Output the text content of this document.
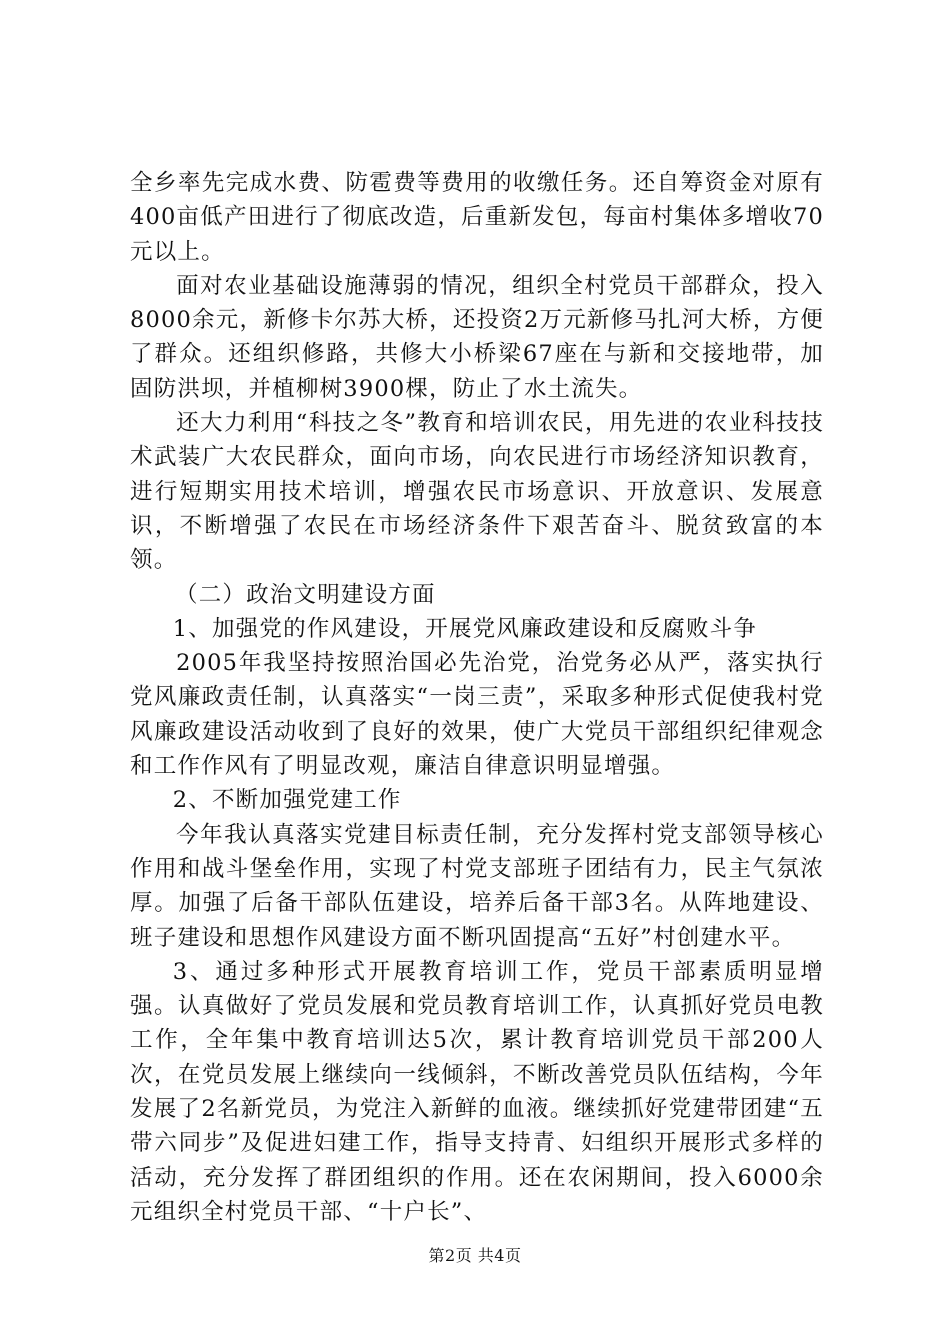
全乡率先完成水费、防雹费等费用的收缴任务。还自筹资金对原有400亩低产田进行了彻底改造，后重新发包，每亩村集体多增收70元以上。

面对农业基础设施薄弱的情况，组织全村党员干部群众，投入8000余元，新修卡尔苏大桥，还投资2万元新修马扎河大桥，方便了群众。还组织修路，共修大小桥梁67座在与新和交接地带，加固防洪坝，并植柳树3900棵，防止了水土流失。

还大力利用“科技之冬”教育和培训农民，用先进的农业科技技术武装广大农民群众，面向市场，向农民进行市场经济知识教育，进行短期实用技术培训，增强农民市场意识、开放意识、发展意识，不断增强了农民在市场经济条件下艰苦奋斗、脱贫致富的本领。

（二）政治文明建设方面

1、加强党的作风建设，开展党风廉政建设和反腐败斗争

2005年我坚持按照治国必先治党，治党务必从严，落实执行党风廉政责任制，认真落实“一岗三责”，采取多种形式促使我村党风廉政建设活动收到了良好的效果，使广大党员干部组织纪律观念和工作作风有了明显改观，廉洁自律意识明显增强。

2、不断加强党建工作

今年我认真落实党建目标责任制，充分发挥村党支部领导核心作用和战斗堡垒作用，实现了村党支部班子团结有力，民主气氛浓厚。加强了后备干部队伍建设，培养后备干部3名。从阵地建设、班子建设和思想作风建设方面不断巩固提高“五好”村创建水平。

3、通过多种形式开展教育培训工作，党员干部素质明显增强。认真做好了党员发展和党员教育培训工作，认真抓好党员电教工作，全年集中教育培训达5次，累计教育培训党员干部200人次，在党员发展上继续向一线倾斜，不断改善党员队伍结构，今年发展了2名新党员，为党注入新鲜的血液。继续抓好党建带团建“五带六同步”及促进妇建工作，指导支持青、妇组织开展形式多样的活动，充分发挥了群团组织的作用。还在农闲期间，投入6000余元组织全村党员干部、“十户长”、

第2页 共4页
